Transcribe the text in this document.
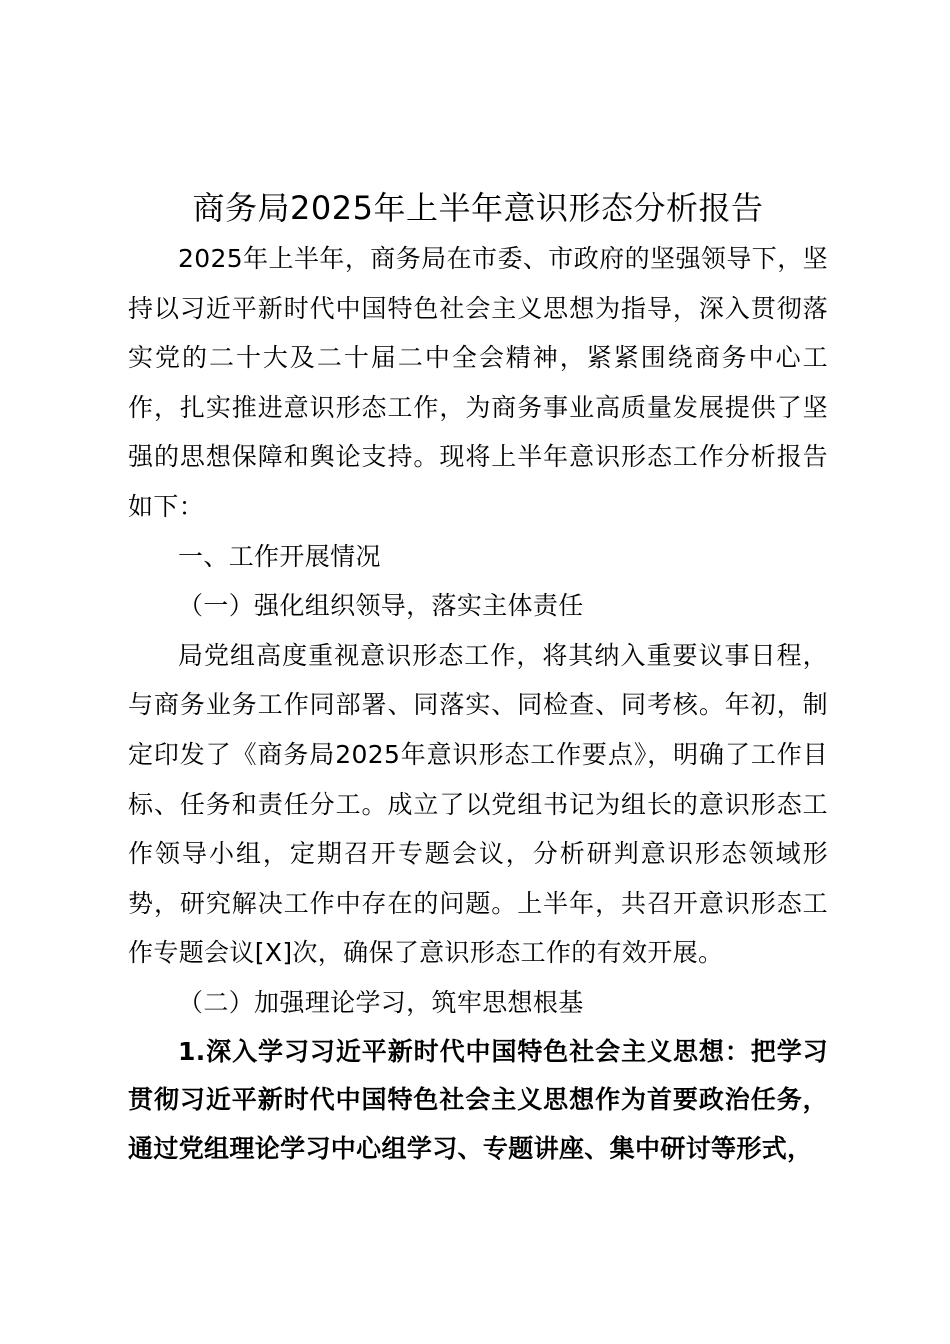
商务局2025年上半年意识形态分析报告

2025年上半年，商务局在市委、市政府的坚强领导下，坚持以习近平新时代中国特色社会主义思想为指导，深入贯彻落实党的二十大及二十届二中全会精神，紧紧围绕商务中心工作，扎实推进意识形态工作，为商务事业高质量发展提供了坚强的思想保障和舆论支持。现将上半年意识形态工作分析报告如下：

一、工作开展情况

（一）强化组织领导，落实主体责任

局党组高度重视意识形态工作，将其纳入重要议事日程，与商务业务工作同部署、同落实、同检查、同考核。年初，制定印发了《商务局2025年意识形态工作要点》，明确了工作目标、任务和责任分工。成立了以党组书记为组长的意识形态工作领导小组，定期召开专题会议，分析研判意识形态领域形势，研究解决工作中存在的问题。上半年，共召开意识形态工作专题会议[X]次，确保了意识形态工作的有效开展。

（二）加强理论学习，筑牢思想根基

1.深入学习习近平新时代中国特色社会主义思想：把学习贯彻习近平新时代中国特色社会主义思想作为首要政治任务，通过党组理论学习中心组学习、专题讲座、集中研讨等形式，
